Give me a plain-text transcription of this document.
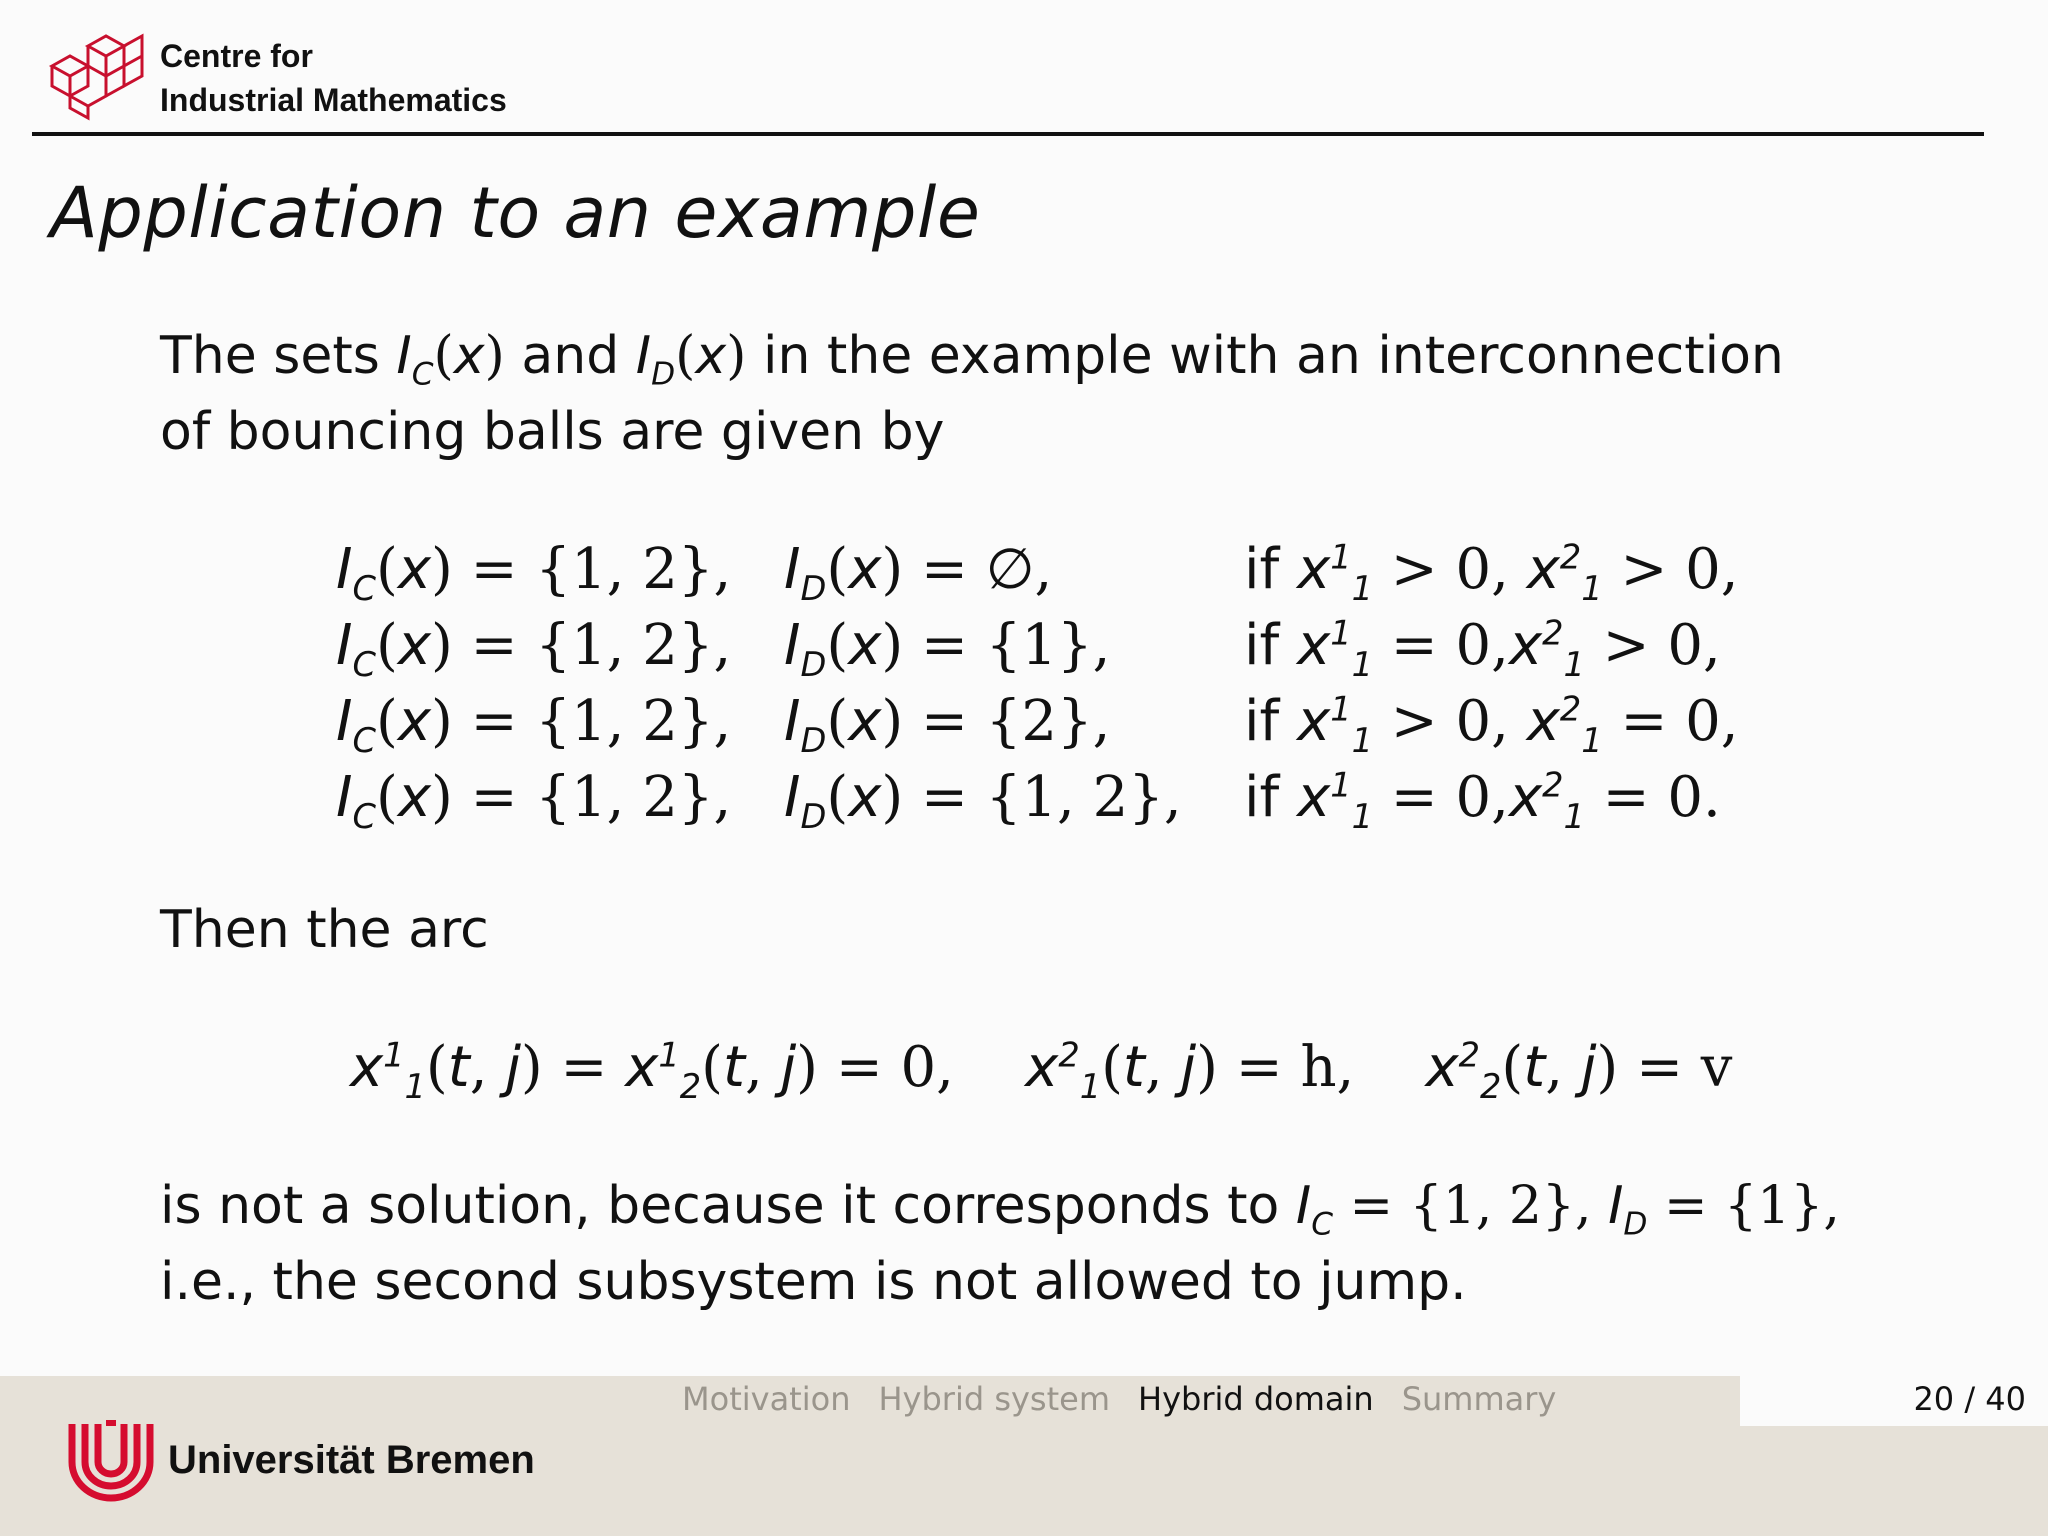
Centre for
Industrial Mathematics
Application to an example
The sets $I_C(x)$ and $I_D(x)$ in the example with an interconnection
of bouncing balls are given by
$I_C(x) = \{1$, 2},	$I_D(x)$ = ∅,	if $x^1_1 > 0$, $x^2_1 > 0$,
$I_C(x) = \{1$, 2},	$I_D(x) = \{1\}$,	if $x^1_1 = 0,x^2_1 > 0$,
$I_C(x) = \{1$, 2},	$I_D(x) = \{2\}$,	if $x^1_1 > 0$, $x^2_1 = 0$,
$I_C(x) = \{1$, 2},	$I_D(x) = \{1$, 2},	if $x^1_1 = 0,x^2_1 = 0$.
Then the arc
$x^1_1(t$, $j) = x^1_2(t$, j) = 0, $x^2_1(t$, j) = h, $x^2_2(t$, j) = v
is not a solution, because it corresponds to $I_C = \{1$, 2}, $I_D = \{1\}$,
i.e., the second subsystem is not allowed to jump.
Motivation Hybrid system Hybrid domain Summary	20 / 40
Universität Bremen
